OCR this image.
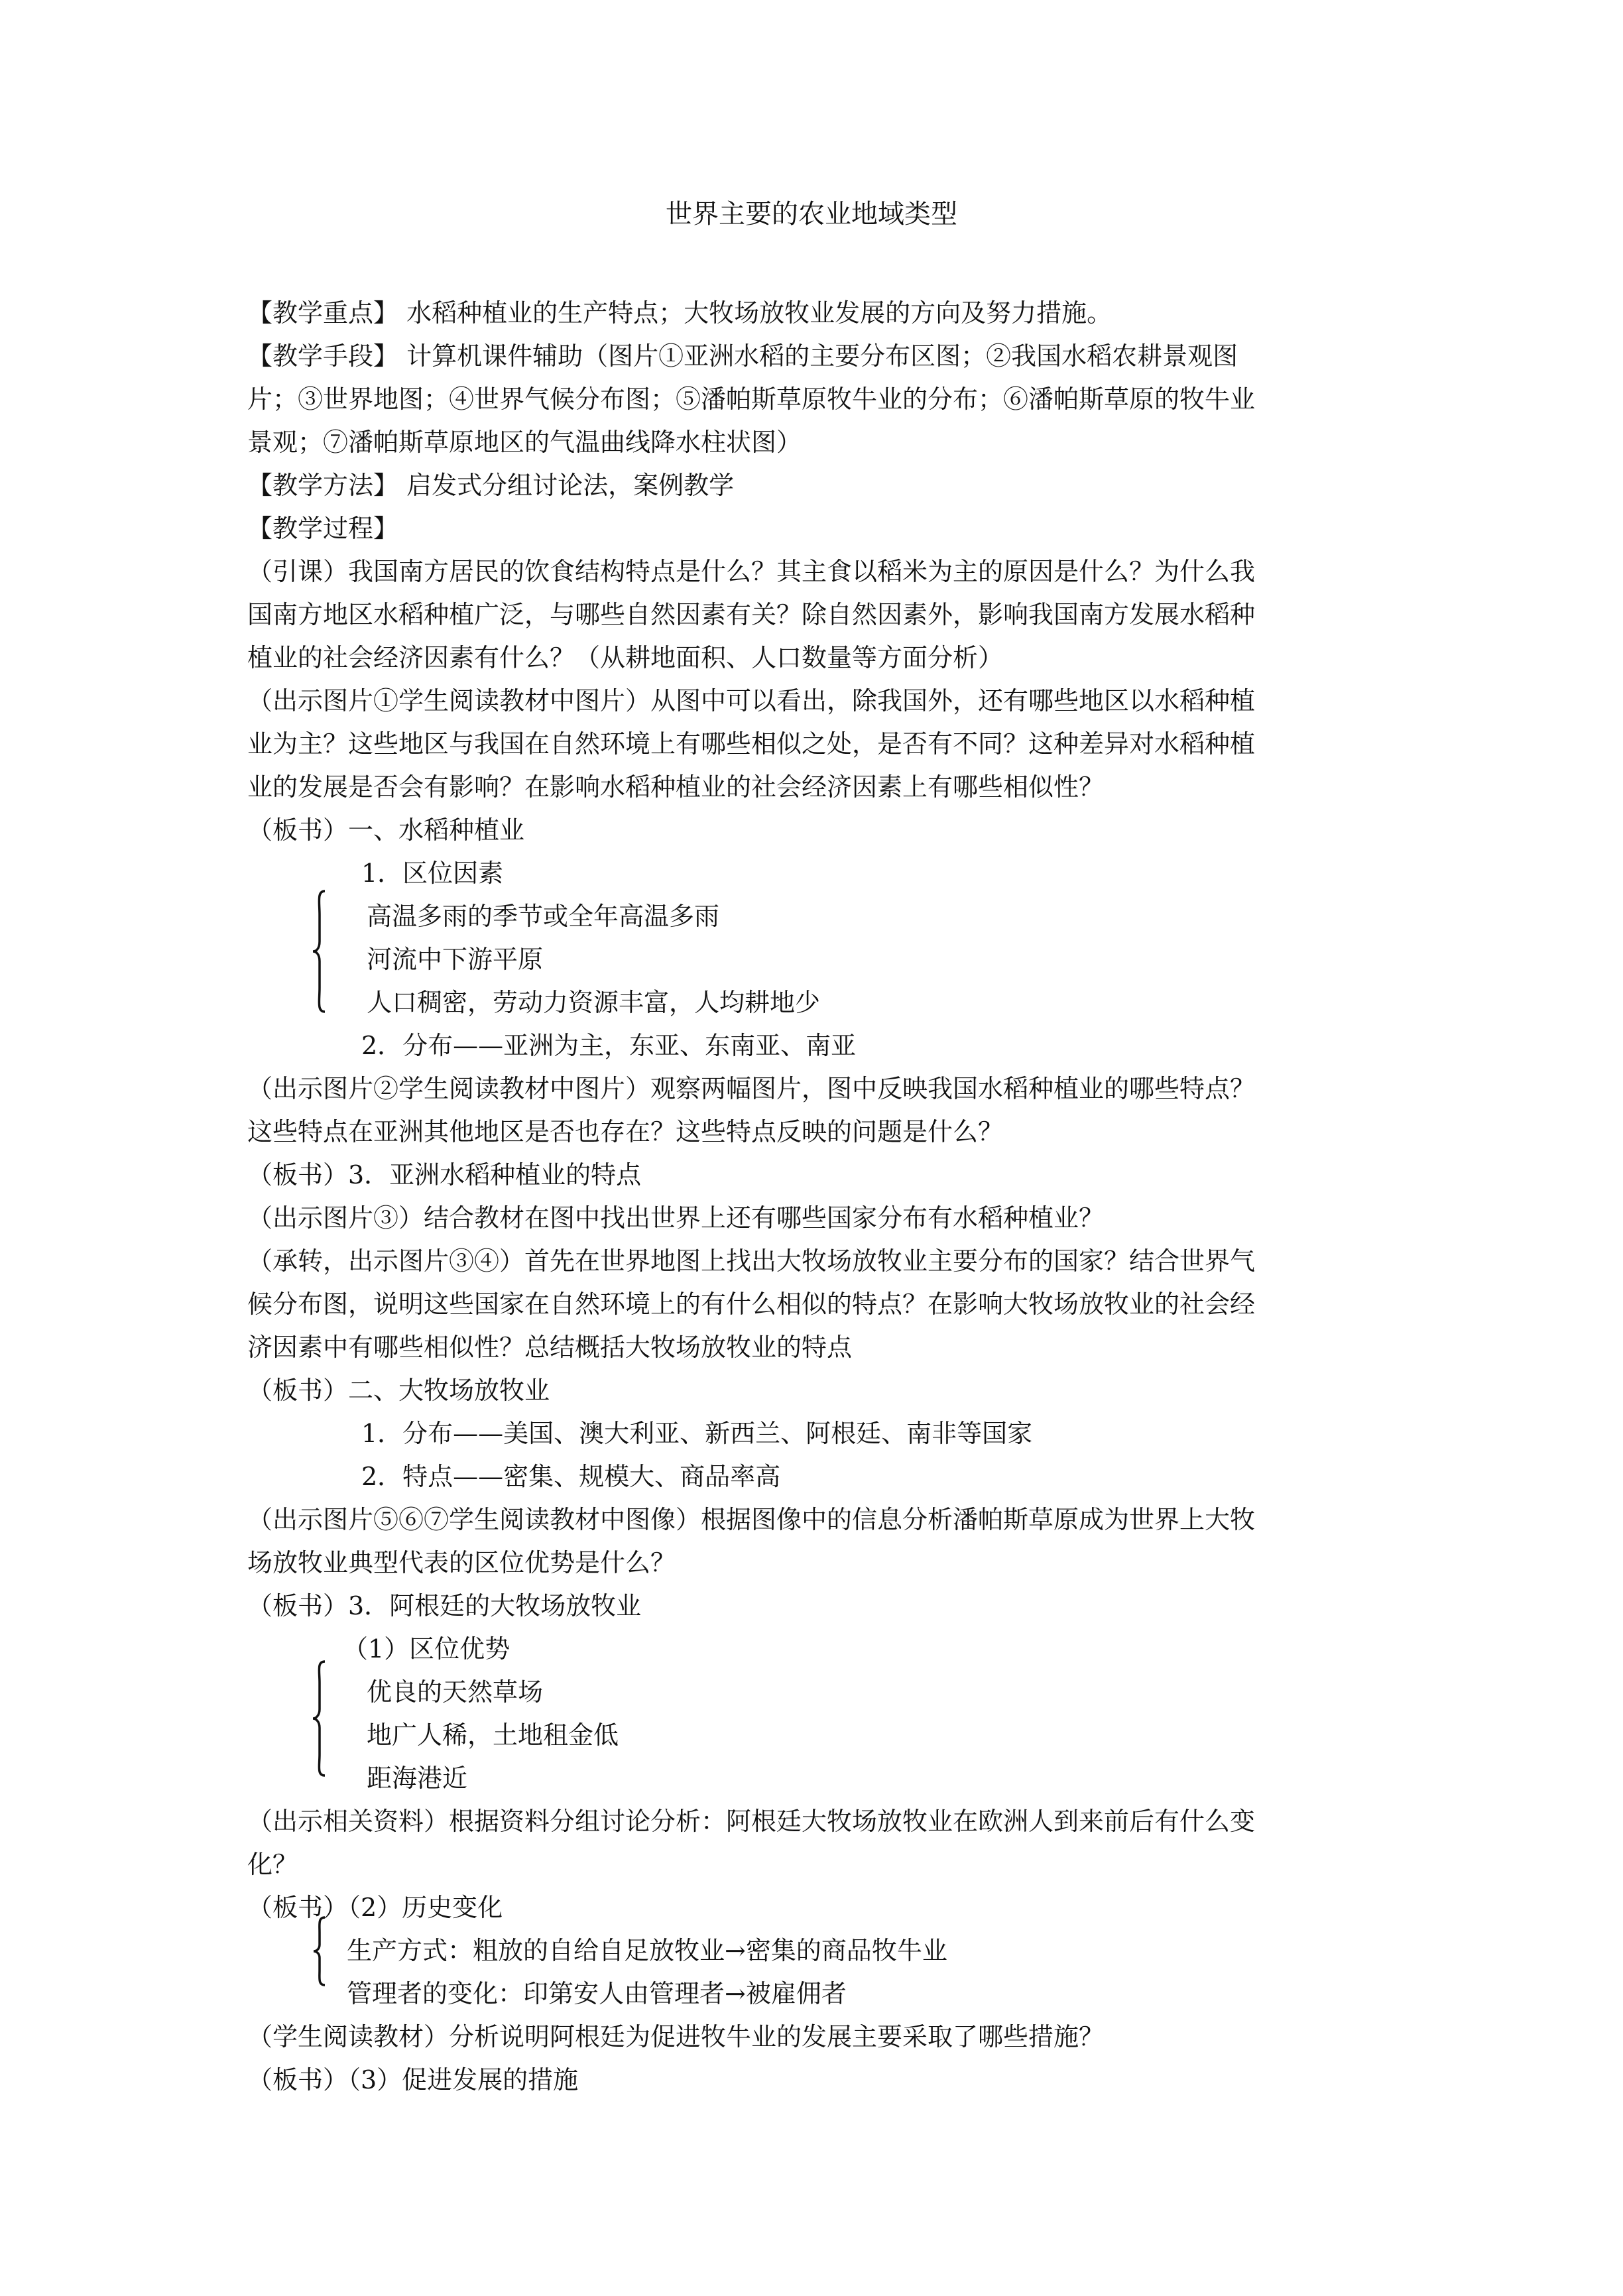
世界主要的农业地域类型
【教学重点】 水稻种植业的生产特点；大牧场放牧业发展的方向及努力措施。
【教学手段】 计算机课件辅助（图片①亚洲水稻的主要分布区图；②我国水稻农耕景观图
片；③世界地图；④世界气候分布图；⑤潘帕斯草原牧牛业的分布；⑥潘帕斯草原的牧牛业
景观；⑦潘帕斯草原地区的气温曲线降水柱状图）
【教学方法】 启发式分组讨论法，案例教学
【教学过程】
（引课）我国南方居民的饮食结构特点是什么？其主食以稻米为主的原因是什么？为什么我
国南方地区水稻种植广泛，与哪些自然因素有关？除自然因素外，影响我国南方发展水稻种
植业的社会经济因素有什么？（从耕地面积、人口数量等方面分析）
（出示图片①学生阅读教材中图片）从图中可以看出，除我国外，还有哪些地区以水稻种植
业为主？这些地区与我国在自然环境上有哪些相似之处，是否有不同？这种差异对水稻种植
业的发展是否会有影响？在影响水稻种植业的社会经济因素上有哪些相似性？
（板书）一、水稻种植业
1．区位因素
高温多雨的季节或全年高温多雨
河流中下游平原
人口稠密，劳动力资源丰富，人均耕地少
2．分布——亚洲为主，东亚、东南亚、南亚
（出示图片②学生阅读教材中图片）观察两幅图片，图中反映我国水稻种植业的哪些特点？
这些特点在亚洲其他地区是否也存在？这些特点反映的问题是什么？
（板书）3．亚洲水稻种植业的特点
（出示图片③）结合教材在图中找出世界上还有哪些国家分布有水稻种植业？
（承转，出示图片③④）首先在世界地图上找出大牧场放牧业主要分布的国家？结合世界气
候分布图，说明这些国家在自然环境上的有什么相似的特点？在影响大牧场放牧业的社会经
济因素中有哪些相似性？总结概括大牧场放牧业的特点
（板书）二、大牧场放牧业
1．分布——美国、澳大利亚、新西兰、阿根廷、南非等国家
2．特点——密集、规模大、商品率高
（出示图片⑤⑥⑦学生阅读教材中图像）根据图像中的信息分析潘帕斯草原成为世界上大牧
场放牧业典型代表的区位优势是什么？
（板书）3．阿根廷的大牧场放牧业
（1）区位优势
优良的天然草场
地广人稀，土地租金低
距海港近
（出示相关资料）根据资料分组讨论分析：阿根廷大牧场放牧业在欧洲人到来前后有什么变
化？
（板书）（2）历史变化
生产方式：粗放的自给自足放牧业→密集的商品牧牛业
管理者的变化：印第安人由管理者→被雇佣者
（学生阅读教材）分析说明阿根廷为促进牧牛业的发展主要采取了哪些措施？
（板书）（3）促进发展的措施
